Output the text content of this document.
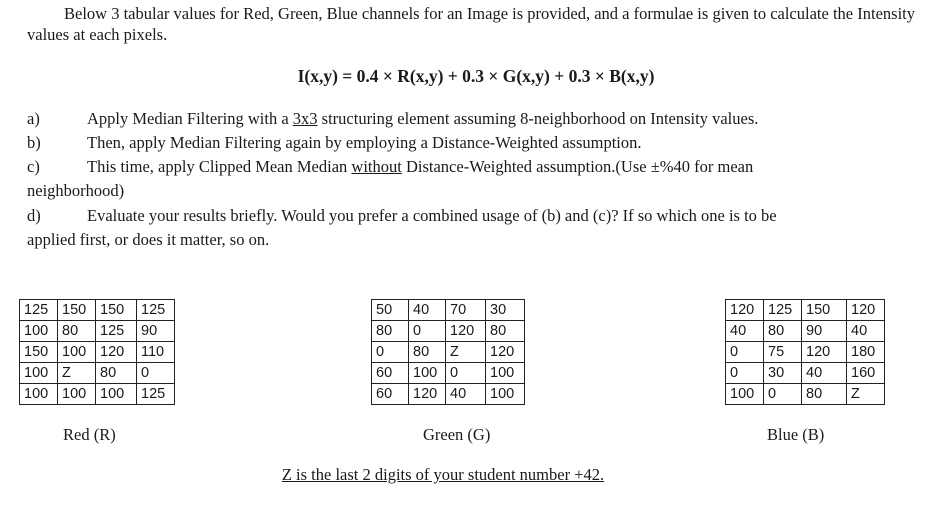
Below 3 tabular values for Red, Green, Blue channels for an Image is provided, and a formulae is given to calculate the Intensity values at each pixels.
I(x,y) = 0.4 × R(x,y) + 0.3 × G(x,y) + 0.3 × B(x,y)
a)	Apply Median Filtering with a 3x3 structuring element assuming 8-neighborhood on Intensity values.
b)	Then, apply Median Filtering again by employing a Distance-Weighted assumption.
c)	This time, apply Clipped Mean Median without Distance-Weighted assumption.(Use ±%40 for mean
neighborhood)
d)	Evaluate your results briefly. Would you prefer a combined usage of (b) and (c)? If so which one is to be
applied first, or does it matter, so on.
125	150	150	125
100	80	125	90
150	100	120	110
100	Z	80	0
100	100	100	125
50	40	70	30
80	0	120	80
0	80	Z	120
60	100	0	100
60	120	40	100
120	125	150	120
40	80	90	40
0	75	120	180
0	30	40	160
100	0	80	Z
Red (R)	Green (G)	Blue (B)
Z is the last 2 digits of your student number +42.
